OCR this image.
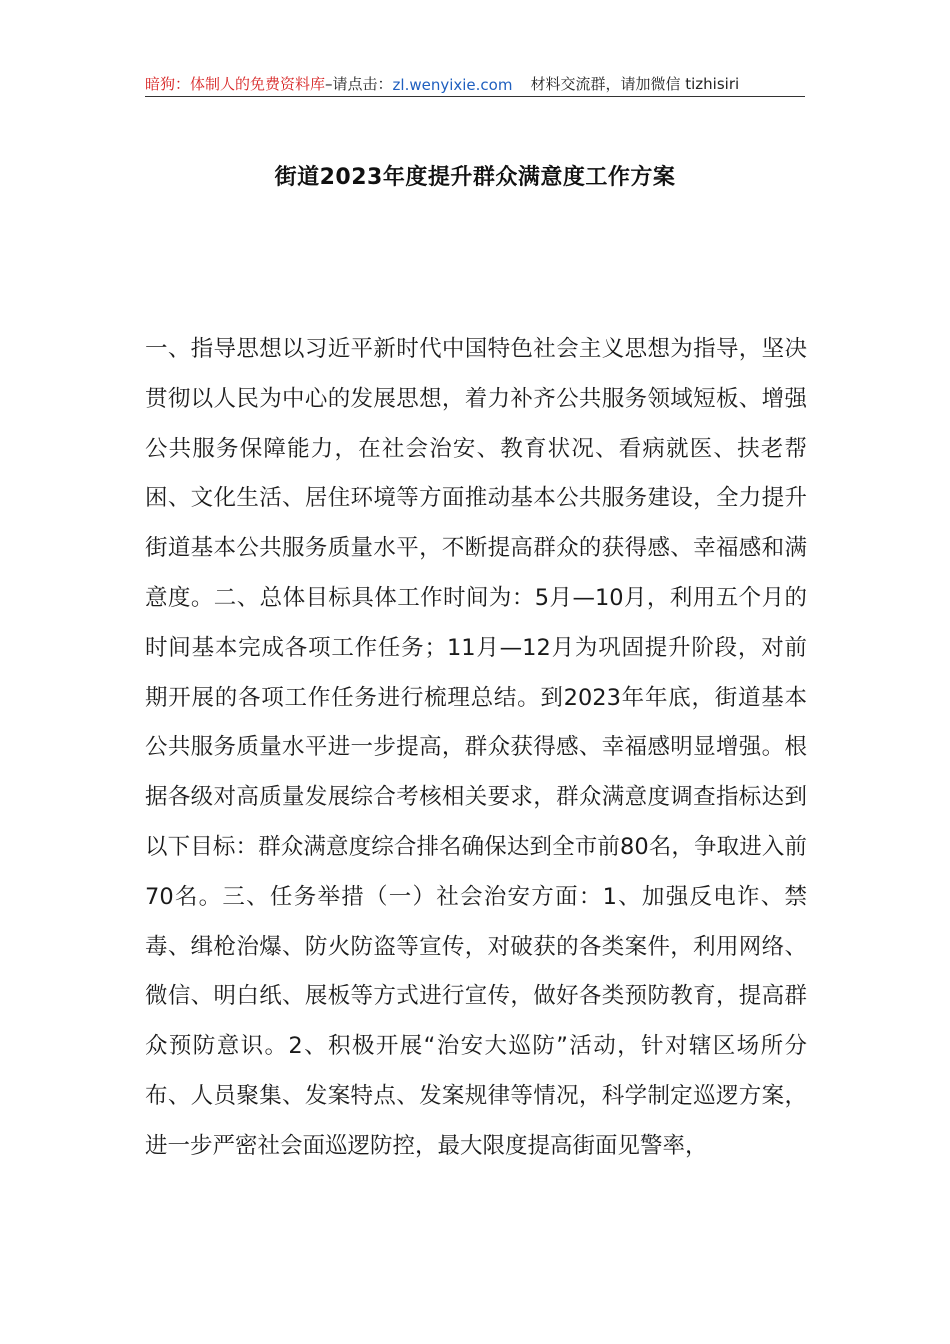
暗狗：体制人的免费资料库 –请点击： zl.wenyixie.com 材料交流群，请加微信 tizhisiri
街道2023年度提升群众满意度工作方案

一、指导思想以习近平新时代中国特色社会主义思想为指导，坚决贯彻以人民为中心的发展思想，着力补齐公共服务领域短板、增强公共服务保障能力，在社会治安、教育状况、看病就医、扶老帮困、文化生活、居住环境等方面推动基本公共服务建设，全力提升街道基本公共服务质量水平，不断提高群众的获得感、幸福感和满意度。二、总体目标具体工作时间为：5月—10月，利用五个月的时间基本完成各项工作任务；11月—12月为巩固提升阶段，对前期开展的各项工作任务进行梳理总结。到2023年年底，街道基本公共服务质量水平进一步提高，群众获得感、幸福感明显增强。根据各级对高质量发展综合考核相关要求，群众满意度调查指标达到以下目标：群众满意度综合排名确保达到全市前80名，争取进入前70名。三、任务举措（一）社会治安方面：1、加强反电诈、禁毒、缉枪治爆、防火防盗等宣传，对破获的各类案件，利用网络、微信、明白纸、展板等方式进行宣传，做好各类预防教育，提高群众预防意识。2、积极开展“治安大巡防”活动，针对辖区场所分布、人员聚集、发案特点、发案规律等情况，科学制定巡逻方案，进一步严密社会面巡逻防控，最大限度提高街面见警率，
